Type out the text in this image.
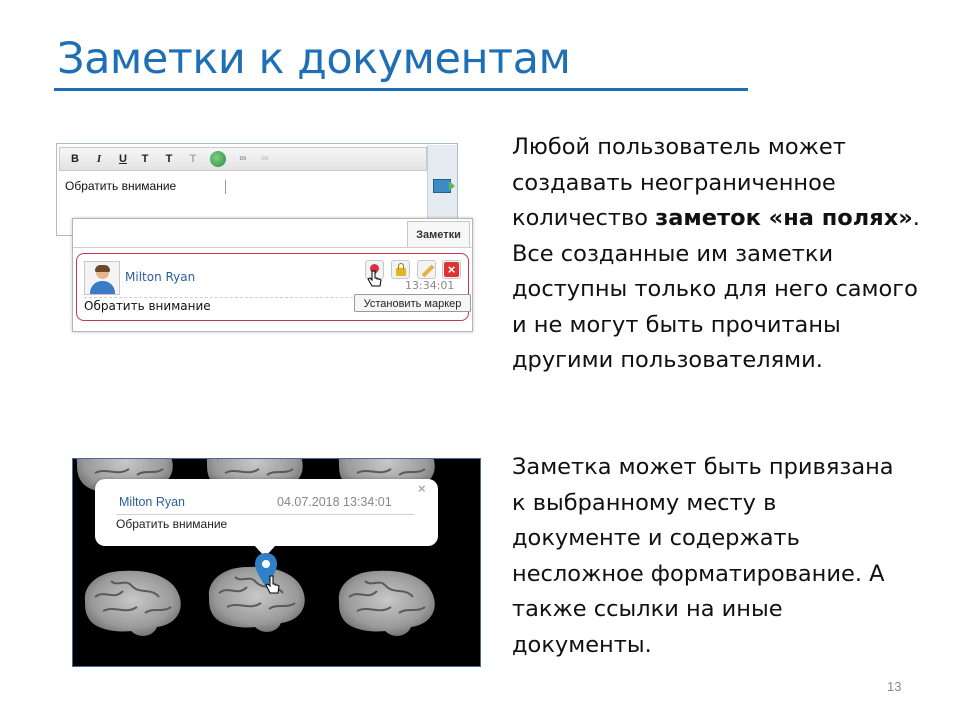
Заметки к документам
B	I	U	T	T	T	∞	∞
Обратить внимание
Заметки
Milton Ryan
13:34:01
Обратить внимание
×
Установить маркер
Milton Ryan	04.07.2018 13:34:01
×
Обратить внимание
Любой пользователь может
создавать неограниченное
количество заметок «на полях».
Все созданные им заметки
доступны только для него самого
и не могут быть прочитаны
другими пользователями.
Заметка может быть привязана
к выбранному месту в
документе и содержать
несложное форматирование. А
также ссылки на иные
документы.
13
